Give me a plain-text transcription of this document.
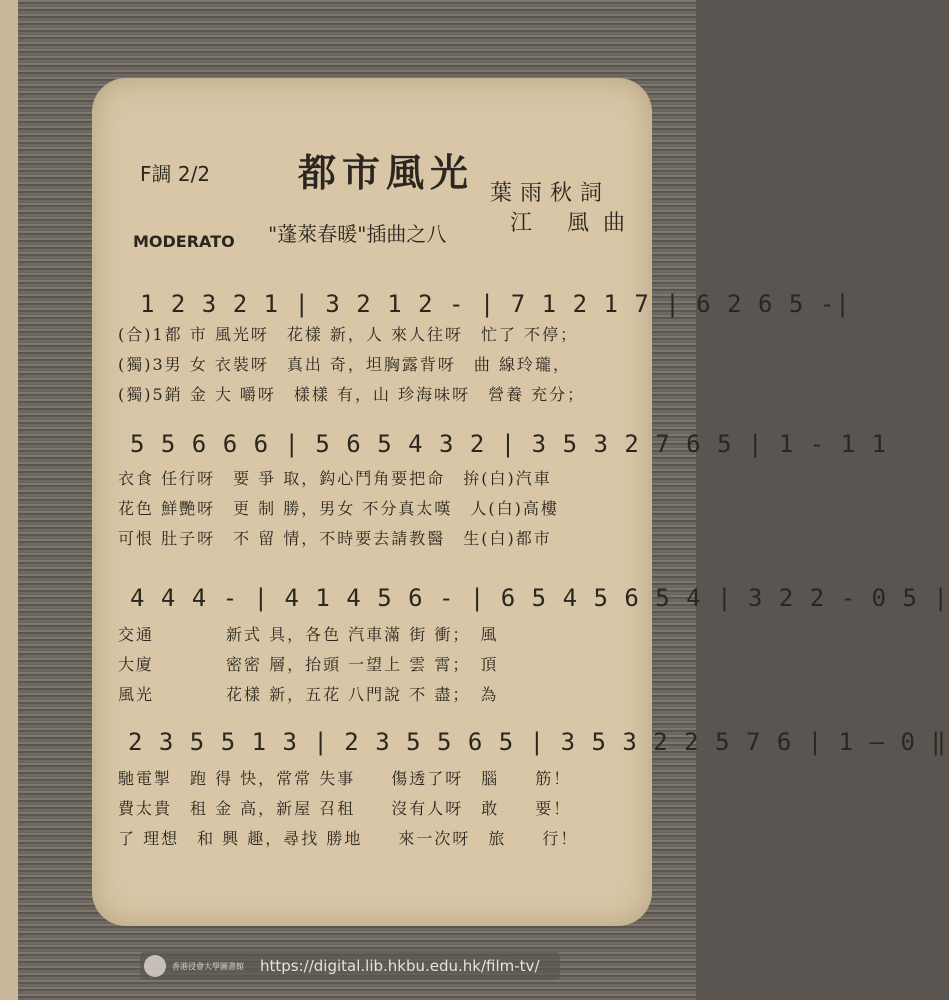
F調 2/2 都市風光 葉雨秋詞
江 風曲
MODERATO "蓬萊春暖"插曲之八
1 2 3 2 1 | 3 2 1 2 - | 7 1 2 1 7 | 6 2 6 5 -|
(合)1都 市 風光呀　花樣 新，人 來人往呀　忙了 不停；
(獨)3男 女 衣裝呀　真出 奇，坦胸露背呀　曲 線玲瓏，
(獨)5銷 金 大 嚼呀　樣樣 有，山 珍海味呀　營養 充分；
5 5 6 6 6 | 5 6 5 4 3 2 | 3 5 3 2 7 6 5 | 1 - 1 1
衣食 任行呀　要 爭 取，鈎心鬥角要把命　拚(白)汽車
花色 鮮艷呀　更 制 勝，男女 不分真太嘆　人(白)高樓
可恨 肚子呀　不 留 情，不時要去請教醫　生(白)都市
4 4 4 - | 4 1 4 5 6 - | 6 5 4 5 6 5 4 | 3 2 2 - 0 5 |
交通　　　　新式 具，各色 汽車滿 街 衝；　風
大廈　　　　密密 層，抬頭 一望上 雲 霄；　頂
風光　　　　花樣 新，五花 八門說 不 盡；　為
2 3 5 5 1 3 | 2 3 5 5 6 5 | 3 5 3 2 2 5 7 6 | 1 — 0 ‖
馳電掣　跑 得 快，常常 失事　　傷透了呀　腦　　筋！
費太貴　租 金 高，新屋 召租　　沒有人呀　敢　　要！
了 理想　和 興 趣，尋找 勝地　　來一次呀　旅　　行！
香港浸會大學圖書館	https://digital.lib.hkbu.edu.hk/film-tv/
